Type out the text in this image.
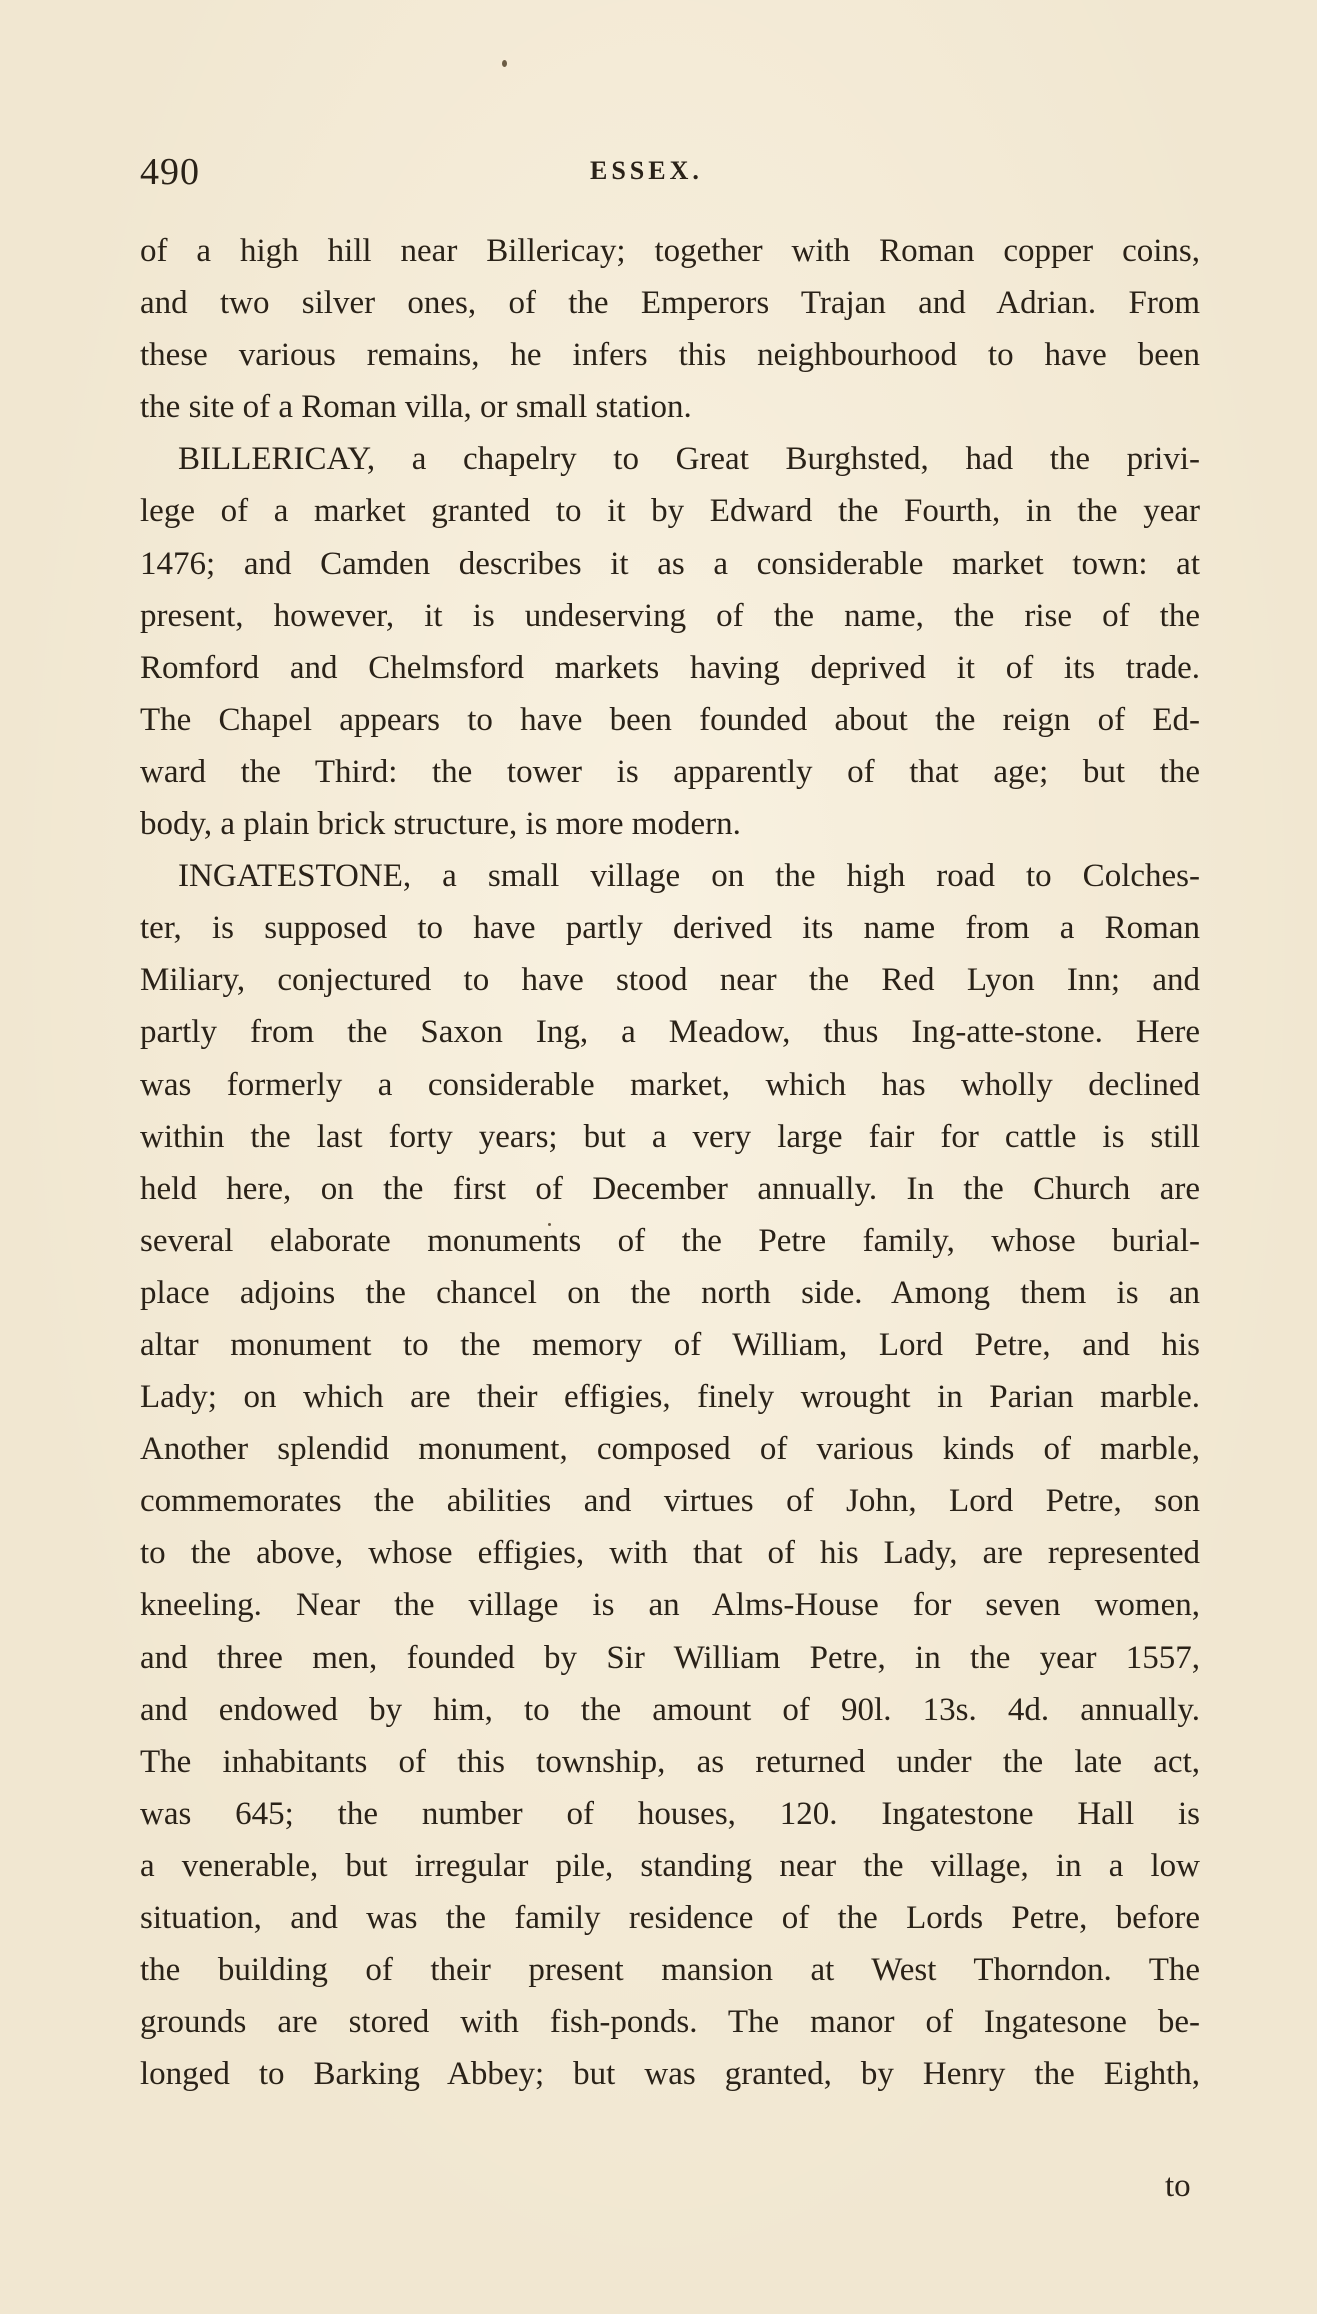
490	ESSEX.
of a high hill near Billericay; together with Roman copper coins,
and two silver ones, of the Emperors Trajan and Adrian. From
these various remains, he infers this neighbourhood to have been
the site of a Roman villa, or small station.
BILLERICAY, a chapelry to Great Burghsted, had the privi-
lege of a market granted to it by Edward the Fourth, in the year
1476; and Camden describes it as a considerable market town: at
present, however, it is undeserving of the name, the rise of the
Romford and Chelmsford markets having deprived it of its trade.
The Chapel appears to have been founded about the reign of Ed-
ward the Third: the tower is apparently of that age; but the
body, a plain brick structure, is more modern.
INGATESTONE, a small village on the high road to Colches-
ter, is supposed to have partly derived its name from a Roman
Miliary, conjectured to have stood near the Red Lyon Inn; and
partly from the Saxon Ing, a Meadow, thus Ing-atte-stone. Here
was formerly a considerable market, which has wholly declined
within the last forty years; but a very large fair for cattle is still
held here, on the first of December annually. In the Church are
several elaborate monuments of the Petre family, whose burial-
place adjoins the chancel on the north side. Among them is an
altar monument to the memory of William, Lord Petre, and his
Lady; on which are their effigies, finely wrought in Parian marble.
Another splendid monument, composed of various kinds of marble,
commemorates the abilities and virtues of John, Lord Petre, son
to the above, whose effigies, with that of his Lady, are represented
kneeling. Near the village is an Alms-House for seven women,
and three men, founded by Sir William Petre, in the year 1557,
and endowed by him, to the amount of 90l. 13s. 4d. annually.
The inhabitants of this township, as returned under the late act,
was 645; the number of houses, 120. Ingatestone Hall is
a venerable, but irregular pile, standing near the village, in a low
situation, and was the family residence of the Lords Petre, before
the building of their present mansion at West Thorndon. The
grounds are stored with fish-ponds. The manor of Ingatesone be-
longed to Barking Abbey; but was granted, by Henry the Eighth,
to
